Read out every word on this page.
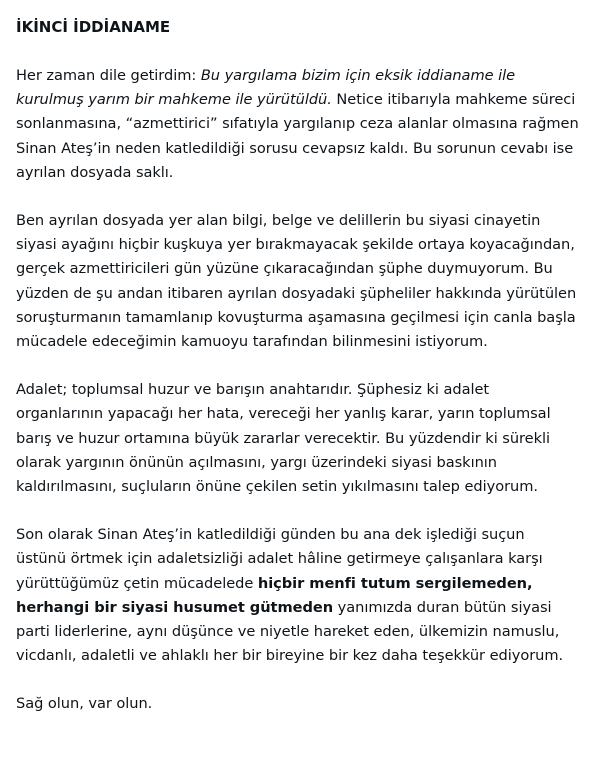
İKİNCİ İDDİANAME

Her zaman dile getirdim: Bu yargılama bizim için eksik iddianame ile kurulmuş yarım bir mahkeme ile yürütüldü. Netice itibarıyla mahkeme süreci sonlanmasına, “azmettirici” sıfatıyla yargılanıp ceza alanlar olmasına rağmen Sinan Ateş’in neden katledildiği sorusu cevapsız kaldı. Bu sorunun cevabı ise ayrılan dosyada saklı.

Ben ayrılan dosyada yer alan bilgi, belge ve delillerin bu siyasi cinayetin siyasi ayağını hiçbir kuşkuya yer bırakmayacak şekilde ortaya koyacağından, gerçek azmettiricileri gün yüzüne çıkaracağından şüphe duymuyorum. Bu yüzden de şu andan itibaren ayrılan dosyadaki şüpheliler hakkında yürütülen soruşturmanın tamamlanıp kovuşturma aşamasına geçilmesi için canla başla mücadele edeceğimin kamuoyu tarafından bilinmesini istiyorum.

Adalet; toplumsal huzur ve barışın anahtarıdır. Şüphesiz ki adalet organlarının yapacağı her hata, vereceği her yanlış karar, yarın toplumsal barış ve huzur ortamına büyük zararlar verecektir. Bu yüzdendir ki sürekli olarak yargının önünün açılmasını, yargı üzerindeki siyasi baskının kaldırılmasını, suçluların önüne çekilen setin yıkılmasını talep ediyorum.

Son olarak Sinan Ateş’in katledildiği günden bu ana dek işlediği suçun üstünü örtmek için adaletsizliği adalet hâline getirmeye çalışanlara karşı yürüttüğümüz çetin mücadelede hiçbir menfi tutum sergilemeden, herhangi bir siyasi husumet gütmeden yanımızda duran bütün siyasi parti liderlerine, aynı düşünce ve niyetle hareket eden, ülkemizin namuslu, vicdanlı, adaletli ve ahlaklı her bir bireyine bir kez daha teşekkür ediyorum.

Sağ olun, var olun.
